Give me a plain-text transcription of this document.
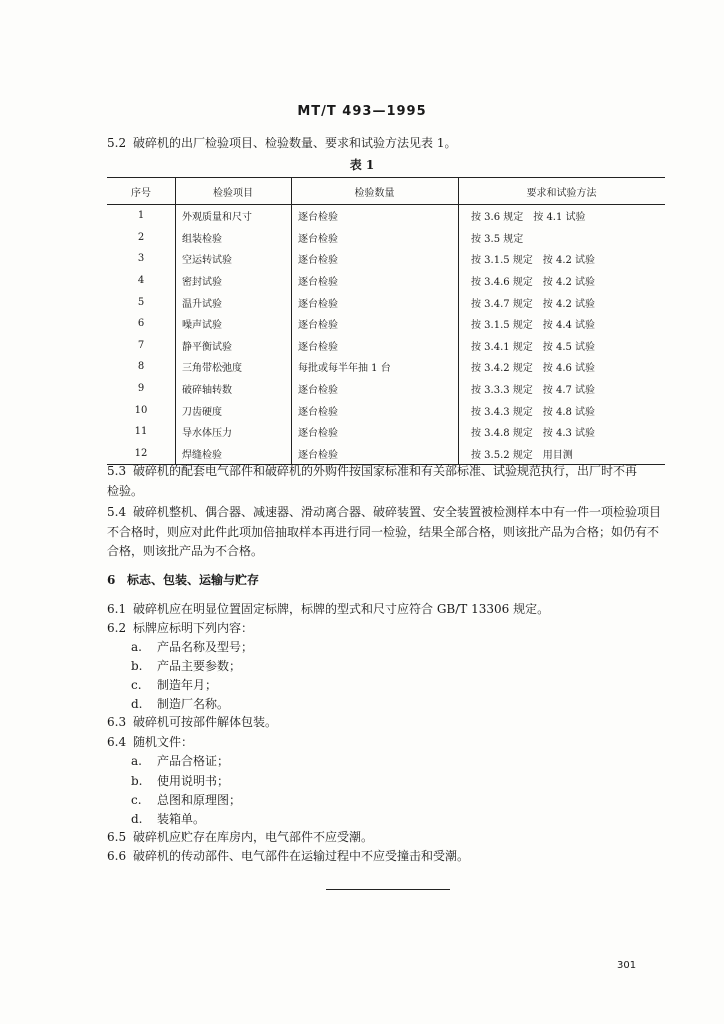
MT/T 493—1995
5.2 破碎机的出厂检验项目、检验数量、要求和试验方法见表 1。
表 1
序号	检验项目	检验数量	要求和试验方法
1	外观质量和尺寸	逐台检验	按 3.6 规定　按 4.1 试验
2	组装检验	逐台检验	按 3.5 规定
3	空运转试验	逐台检验	按 3.1.5 规定　按 4.2 试验
4	密封试验	逐台检验	按 3.4.6 规定　按 4.2 试验
5	温升试验	逐台检验	按 3.4.7 规定　按 4.2 试验
6	噪声试验	逐台检验	按 3.1.5 规定　按 4.4 试验
7	静平衡试验	逐台检验	按 3.4.1 规定　按 4.5 试验
8	三角带松弛度	每批或每半年抽 1 台	按 3.4.2 规定　按 4.6 试验
9	破碎轴转数	逐台检验	按 3.3.3 规定　按 4.7 试验
10	刀齿硬度	逐台检验	按 3.4.3 规定　按 4.8 试验
11	导水体压力	逐台检验	按 3.4.8 规定　按 4.3 试验
12	焊缝检验	逐台检验	按 3.5.2 规定　用目测
5.3 破碎机的配套电气部件和破碎机的外购件按国家标准和有关部标准、试验规范执行，出厂时不再
检验。
5.4 破碎机整机、偶合器、减速器、滑动离合器、破碎装置、安全装置被检测样本中有一件一项检验项目
不合格时，则应对此件此项加倍抽取样本再进行同一检验，结果全部合格，则该批产品为合格；如仍有不
合格，则该批产品为不合格。
6 标志、包装、运输与贮存
6.1 破碎机应在明显位置固定标牌，标牌的型式和尺寸应符合 GB/T 13306 规定。
6.2 标牌应标明下列内容：
a. 产品名称及型号；
b. 产品主要参数；
c. 制造年月；
d. 制造厂名称。
6.3 破碎机可按部件解体包装。
6.4 随机文件：
a. 产品合格证；
b. 使用说明书；
c. 总图和原理图；
d. 装箱单。
6.5 破碎机应贮存在库房内，电气部件不应受潮。
6.6 破碎机的传动部件、电气部件在运输过程中不应受撞击和受潮。
301
